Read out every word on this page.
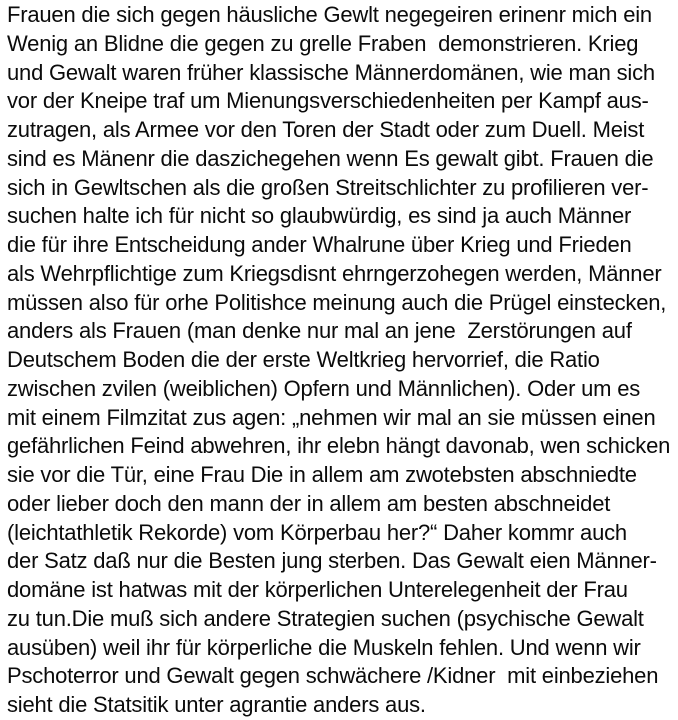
Frauen die sich gegen häusliche Gewlt negegeiren erinenr mich ein
Wenig an Blidne die gegen zu grelle Fraben  demonstrieren. Krieg
und Gewalt waren früher klassische Männerdomänen, wie man sich
vor der Kneipe traf um Mienungsverschiedenheiten per Kampf aus-
zutragen, als Armee vor den Toren der Stadt oder zum Duell. Meist
sind es Mänenr die daszichegehen wenn Es gewalt gibt. Frauen die
sich in Gewltschen als die großen Streitschlichter zu profilieren ver-
suchen halte ich für nicht so glaubwürdig, es sind ja auch Männer
die für ihre Entscheidung ander Whalrune über Krieg und Frieden
als Wehrpflichtige zum Kriegsdisnt ehrngerzohegen werden, Männer
müssen also für orhe Politishce meinung auch die Prügel einstecken,
anders als Frauen (man denke nur mal an jene  Zerstörungen auf
Deutschem Boden die der erste Weltkrieg hervorrief, die Ratio
zwischen zvilen (weiblichen) Opfern und Männlichen). Oder um es
mit einem Filmzitat zus agen: „nehmen wir mal an sie müssen einen
gefährlichen Feind abwehren, ihr elebn hängt davonab, wen schicken
sie vor die Tür, eine Frau Die in allem am zwotebsten abschniedte
oder lieber doch den mann der in allem am besten abschneidet
(leichtathletik Rekorde) vom Körperbau her?“ Daher kommr auch
der Satz daß nur die Besten jung sterben. Das Gewalt eien Männer-
domäne ist hatwas mit der körperlichen Unterelegenheit der Frau
zu tun.Die muß sich andere Strategien suchen (psychische Gewalt
ausüben) weil ihr für körperliche die Muskeln fehlen. Und wenn wir
Pschoterror und Gewalt gegen schwächere /Kidner  mit einbeziehen
sieht die Statsitik unter agrantie anders aus.
